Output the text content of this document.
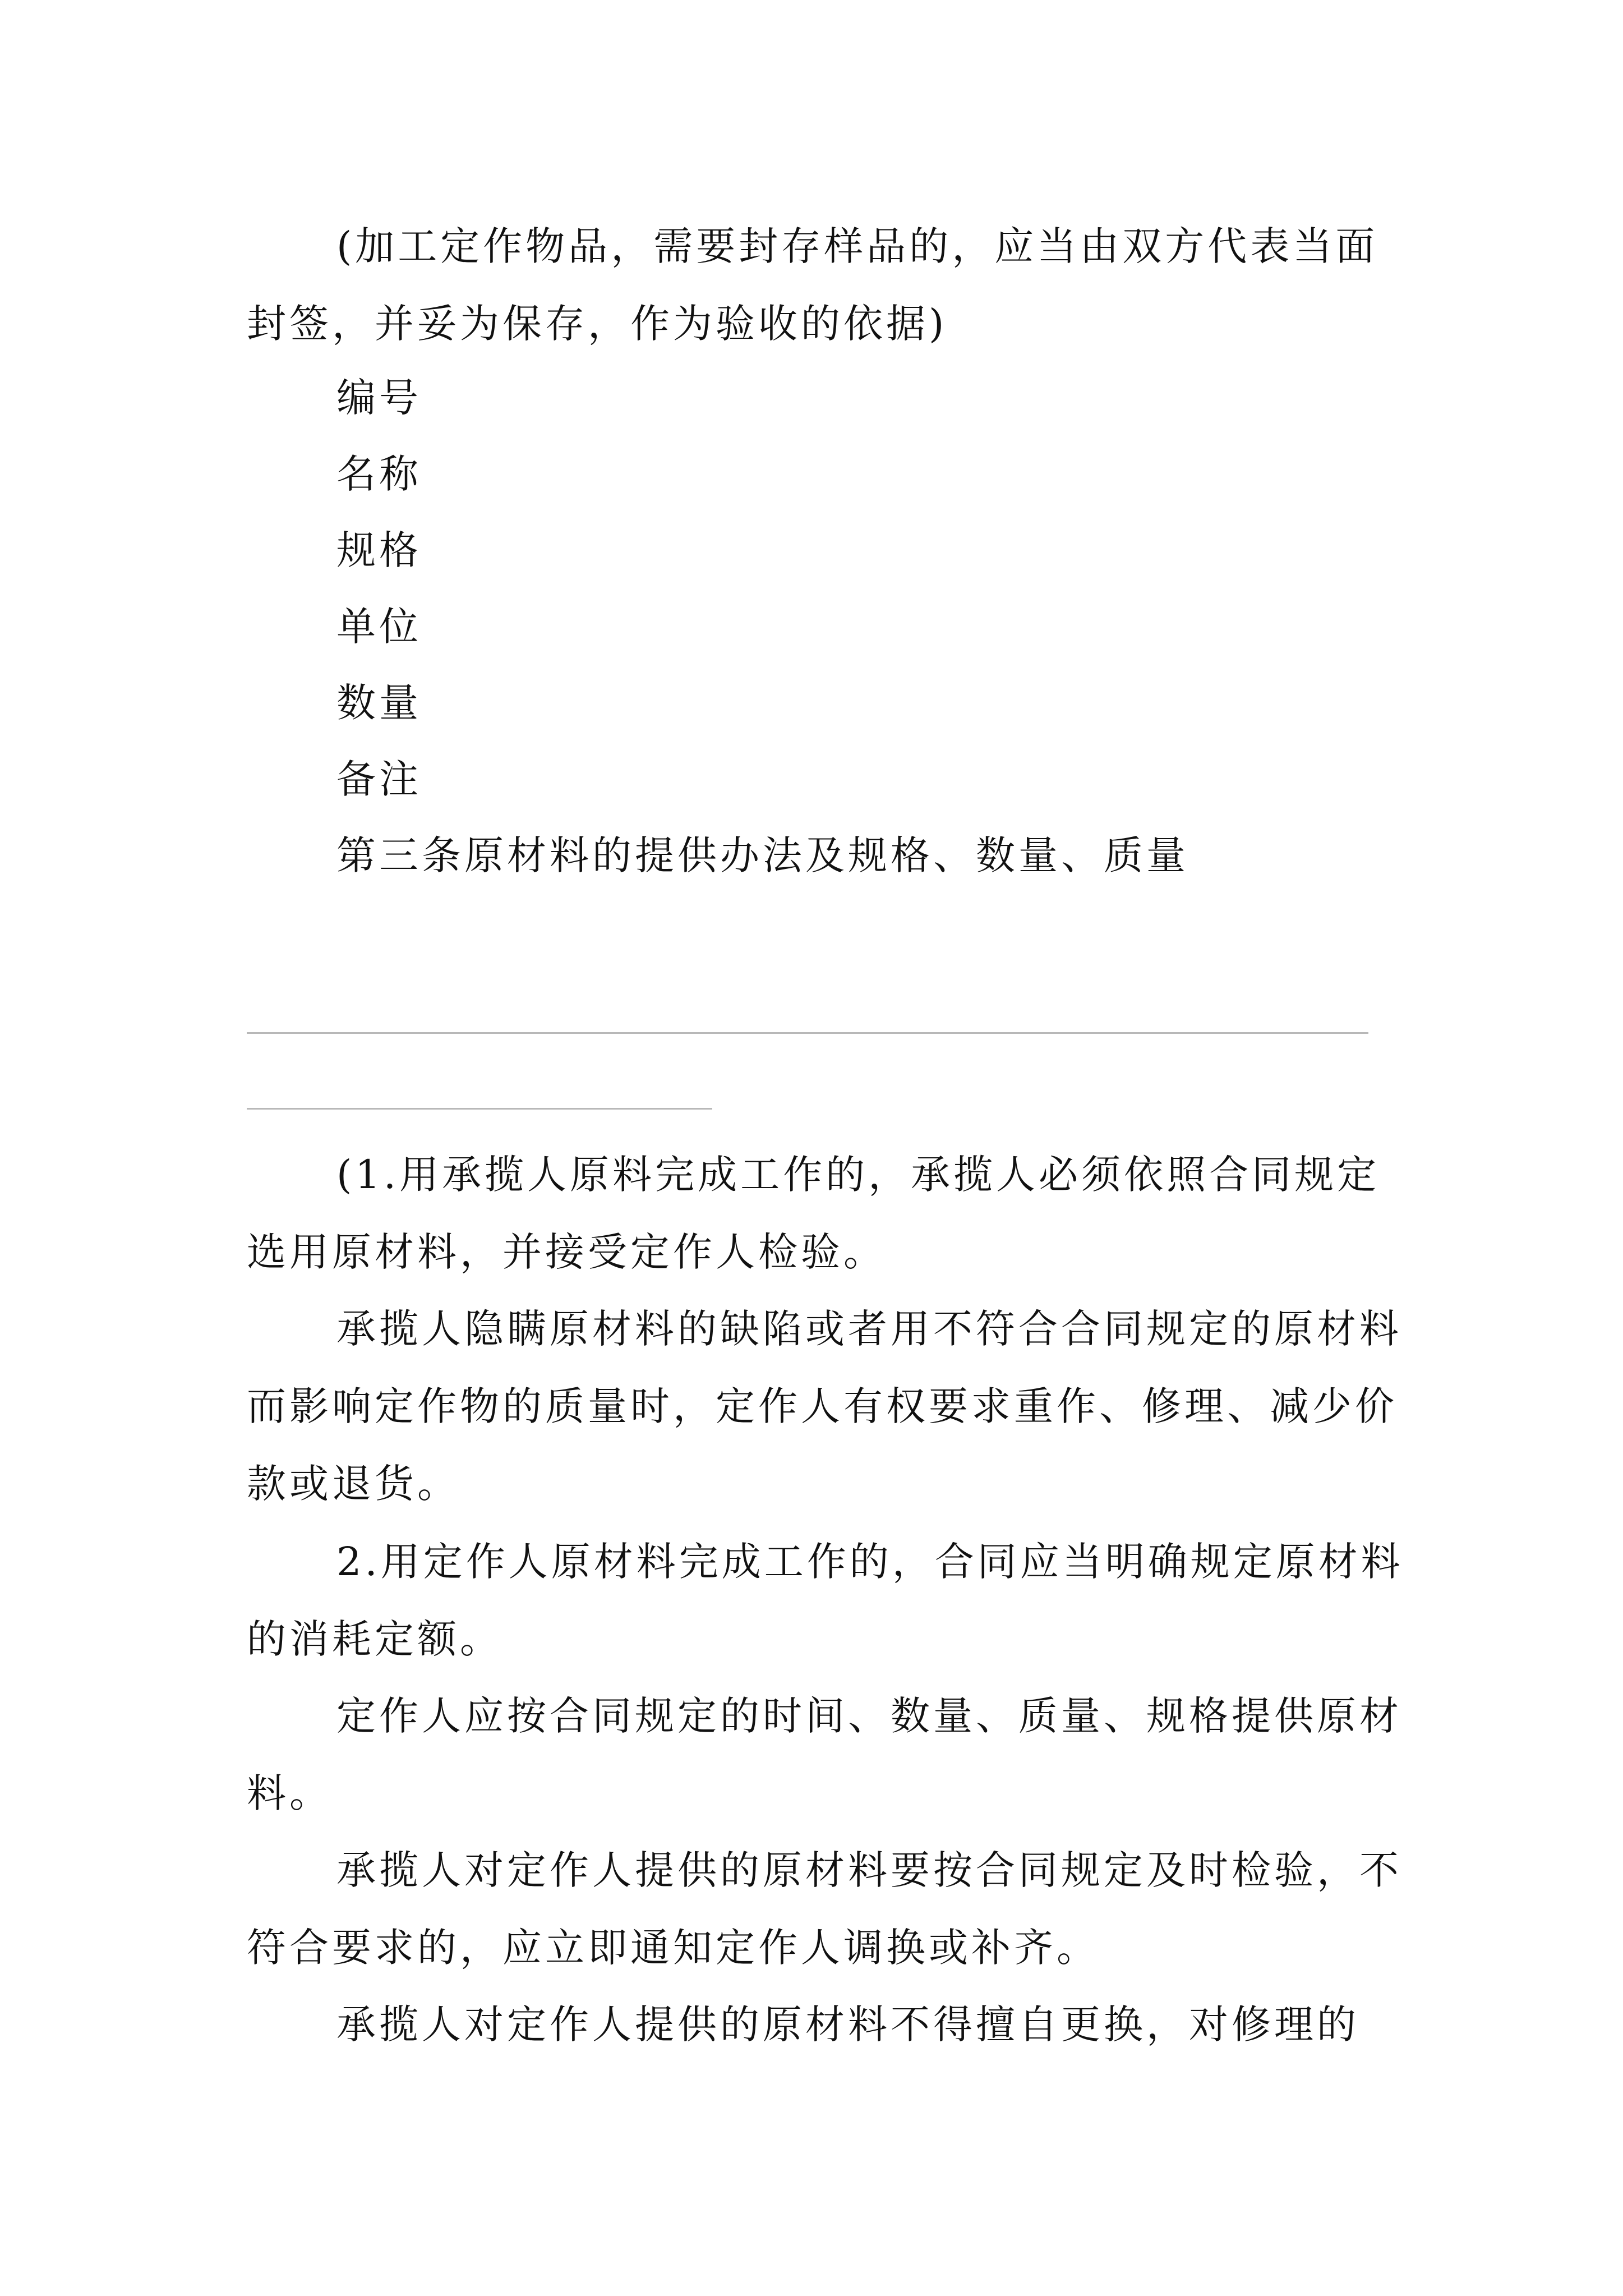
(加工定作物品，需要封存样品的，应当由双方代表当面封签，并妥为保存，作为验收的依据)

编号
名称
规格
单位
数量
备注
第三条原材料的提供办法及规格、数量、质量

(1.用承揽人原料完成工作的，承揽人必须依照合同规定选用原材料，并接受定作人检验。

承揽人隐瞒原材料的缺陷或者用不符合合同规定的原材料而影响定作物的质量时，定作人有权要求重作、修理、减少价款或退货。

2.用定作人原材料完成工作的，合同应当明确规定原材料的消耗定额。

定作人应按合同规定的时间、数量、质量、规格提供原材料。

承揽人对定作人提供的原材料要按合同规定及时检验，不符合要求的，应立即通知定作人调换或补齐。

承揽人对定作人提供的原材料不得擅自更换，对修理的
